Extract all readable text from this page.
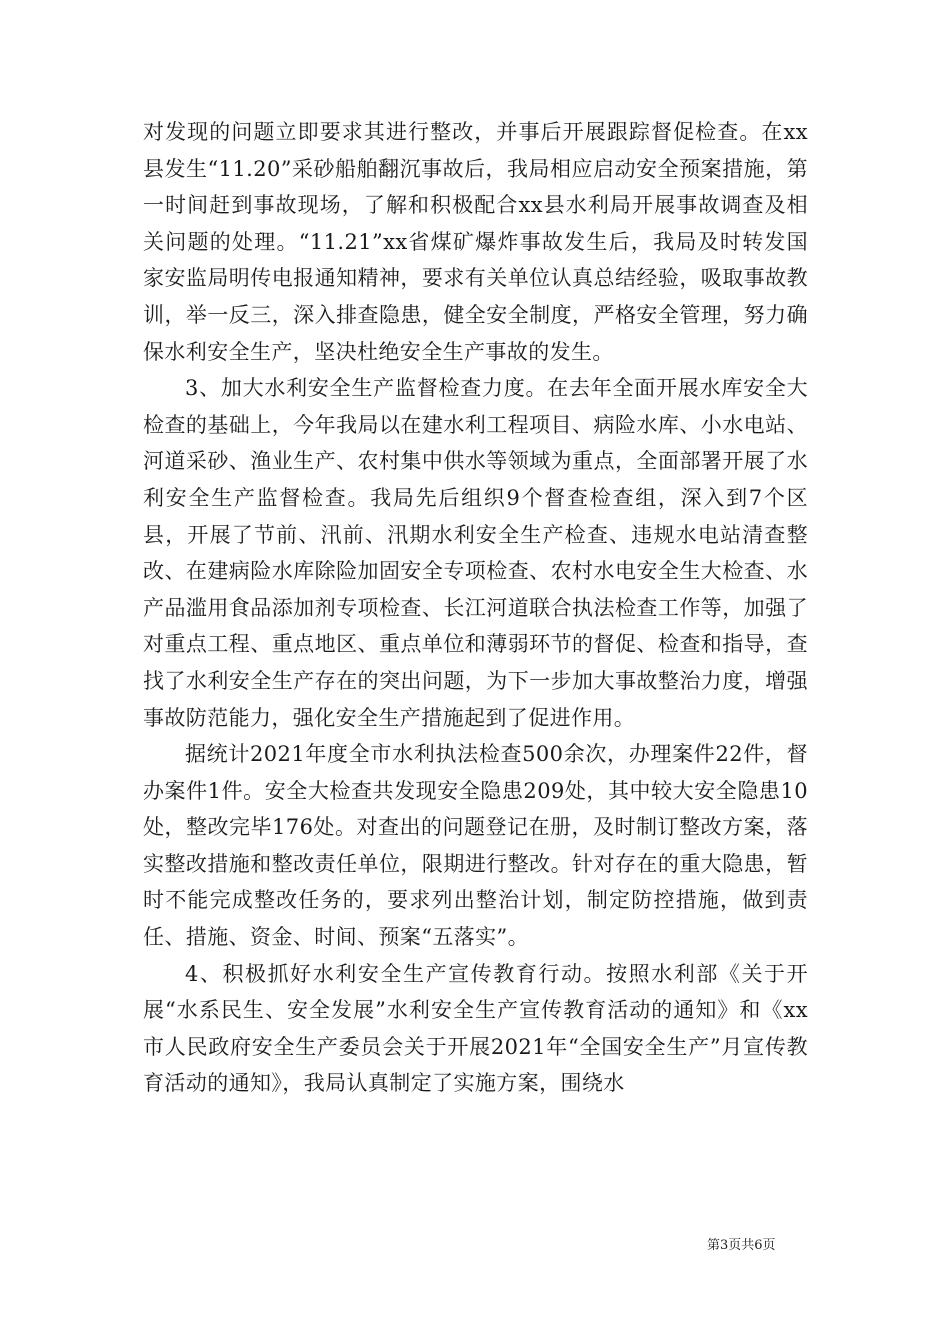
对发现的问题立即要求其进行整改，并事后开展跟踪督促检查。在xx县发生“11.20”采砂船舶翻沉事故后，我局相应启动安全预案措施，第一时间赶到事故现场，了解和积极配合xx县水利局开展事故调查及相关问题的处理。“11.21”xx省煤矿爆炸事故发生后，我局及时转发国家安监局明传电报通知精神，要求有关单位认真总结经验，吸取事故教训，举一反三，深入排查隐患，健全安全制度，严格安全管理，努力确保水利安全生产，坚决杜绝安全生产事故的发生。

3、加大水利安全生产监督检查力度。在去年全面开展水库安全大检查的基础上，今年我局以在建水利工程项目、病险水库、小水电站、河道采砂、渔业生产、农村集中供水等领域为重点，全面部署开展了水利安全生产监督检查。我局先后组织9个督查检查组，深入到7个区县，开展了节前、汛前、汛期水利安全生产检查、违规水电站清查整改、在建病险水库除险加固安全专项检查、农村水电安全生大检查、水产品滥用食品添加剂专项检查、长江河道联合执法检查工作等，加强了对重点工程、重点地区、重点单位和薄弱环节的督促、检查和指导，查找了水利安全生产存在的突出问题，为下一步加大事故整治力度，增强事故防范能力，强化安全生产措施起到了促进作用。

据统计2021年度全市水利执法检查500余次，办理案件22件，督办案件1件。安全大检查共发现安全隐患209处，其中较大安全隐患10处，整改完毕176处。对查出的问题登记在册，及时制订整改方案，落实整改措施和整改责任单位，限期进行整改。针对存在的重大隐患，暂时不能完成整改任务的，要求列出整治计划，制定防控措施，做到责任、措施、资金、时间、预案“五落实”。

4、积极抓好水利安全生产宣传教育行动。按照水利部《关于开展“水系民生、安全发展”水利安全生产宣传教育活动的通知》和《xx市人民政府安全生产委员会关于开展2021年“全国安全生产”月宣传教育活动的通知》，我局认真制定了实施方案，围绕水

第3页共6页
